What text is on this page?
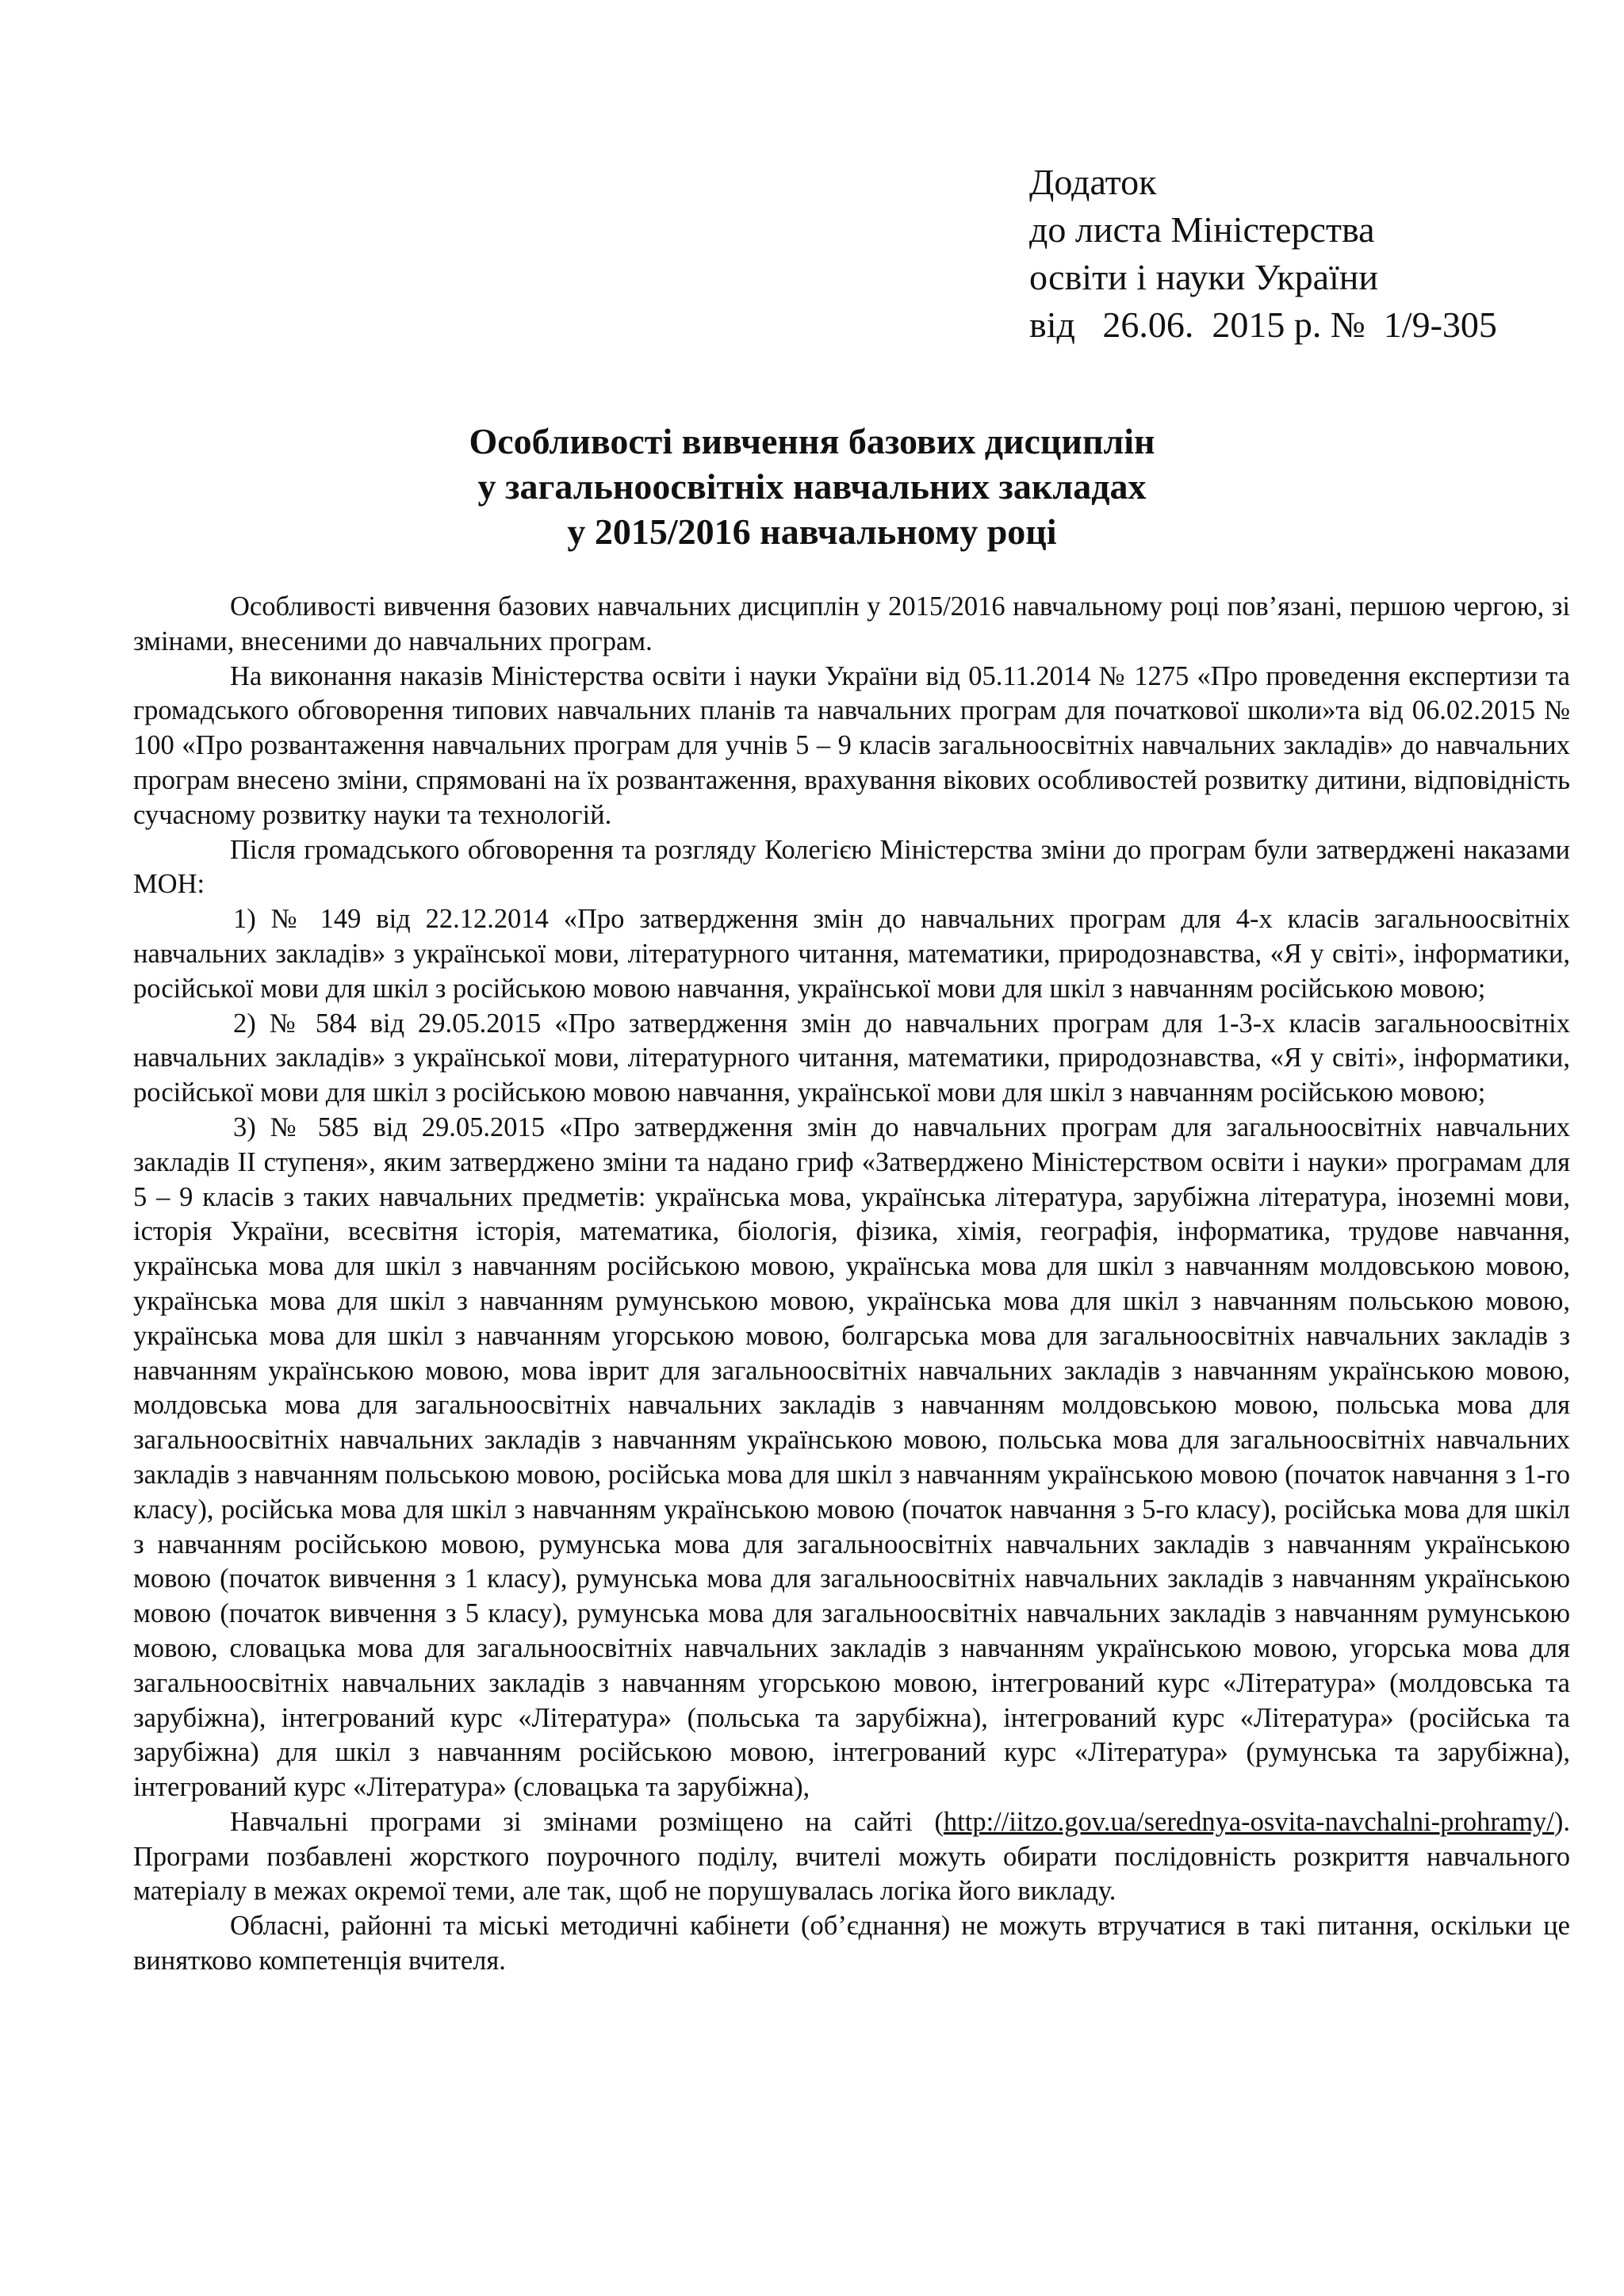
Додаток
до листа Міністерства
освіти і науки України
від   26.06.  2015 р. №  1/9-305
Особливості вивчення базових дисциплін
у загальноосвітніх навчальних закладах
у 2015/2016 навчальному році

Особливості вивчення базових навчальних дисциплін у 2015/2016 навчальному році пов’язані, першою чергою, зі змінами, внесеними до навчальних програм.

На виконання наказів Міністерства освіти і науки України від 05.11.2014 № 1275 «Про проведення експертизи та громадського обговорення типових навчальних планів та навчальних програм для початкової школи»та від 06.02.2015 № 100 «Про розвантаження навчальних програм для учнів 5 – 9 класів загальноосвітніх навчальних закладів» до навчальних програм внесено зміни, спрямовані на їх розвантаження, врахування вікових особливостей розвитку дитини, відповідність сучасному розвитку науки та технологій.

Після громадського обговорення та розгляду Колегією Міністерства зміни до програм були затверджені наказами МОН:

1) № 149 від 22.12.2014 «Про затвердження змін до навчальних програм для 4-х класів загальноосвітніх навчальних закладів» з української мови, літературного читання, математики, природознавства, «Я у світі», інформатики, російської мови для шкіл з російською мовою навчання, української мови для шкіл з навчанням російською мовою;

2) № 584 від 29.05.2015 «Про затвердження змін до навчальних програм для 1-3-х класів загальноосвітніх навчальних закладів» з української мови, літературного читання, математики, природознавства, «Я у світі», інформатики, російської мови для шкіл з російською мовою навчання, української мови для шкіл з навчанням російською мовою;

3) № 585 від 29.05.2015 «Про затвердження змін до навчальних програм для загальноосвітніх навчальних закладів ІІ ступеня», яким затверджено зміни та надано гриф «Затверджено Міністерством освіти і науки» програмам для 5 – 9 класів з таких навчальних предметів: українська мова, українська література, зарубіжна література, іноземні мови, історія України, всесвітня історія, математика, біологія, фізика, хімія, географія, інформатика, трудове навчання, українська мова для шкіл з навчанням російською мовою, українська мова для шкіл з навчанням молдовською мовою, українська мова для шкіл з навчанням румунською мовою, українська мова для шкіл з навчанням польською мовою, українська мова для шкіл з навчанням угорською мовою, болгарська мова для загальноосвітніх навчальних закладів з навчанням українською мовою, мова іврит для загальноосвітніх навчальних закладів з навчанням українською мовою, молдовська мова для загальноосвітніх навчальних закладів з навчанням молдовською мовою, польська мова для загальноосвітніх навчальних закладів з навчанням українською мовою, польська мова для загальноосвітніх навчальних закладів з навчанням польською мовою, російська мова для шкіл з навчанням українською мовою (початок навчання з 1-го класу), російська мова для шкіл з навчанням українською мовою (початок навчання з 5-го класу), російська мова для шкіл з навчанням російською мовою, румунська мова для загальноосвітніх навчальних закладів з навчанням українською мовою (початок вивчення з 1 класу), румунська мова для загальноосвітніх навчальних закладів з навчанням українською мовою (початок вивчення з 5 класу), румунська мова для загальноосвітніх навчальних закладів з навчанням румунською мовою, словацька мова для загальноосвітніх навчальних закладів з навчанням українською мовою, угорська мова для загальноосвітніх навчальних закладів з навчанням угорською мовою, інтегрований курс «Література» (молдовська та зарубіжна), інтегрований курс «Література» (польська та зарубіжна), інтегрований курс «Література» (російська та зарубіжна) для шкіл з навчанням російською мовою, інтегрований курс «Література» (румунська та зарубіжна), інтегрований курс «Література» (словацька та зарубіжна),

Навчальні програми зі змінами розміщено на сайті (http://iitzo.gov.ua/serednya-osvita-navchalni-prohramy/). Програми позбавлені жорсткого поурочного поділу, вчителі можуть обирати послідовність розкриття навчального матеріалу в межах окремої теми, але так, щоб не порушувалась логіка його викладу.

Обласні, районні та міські методичні кабінети (об’єднання) не можуть втручатися в такі питання, оскільки це винятково компетенція вчителя.
